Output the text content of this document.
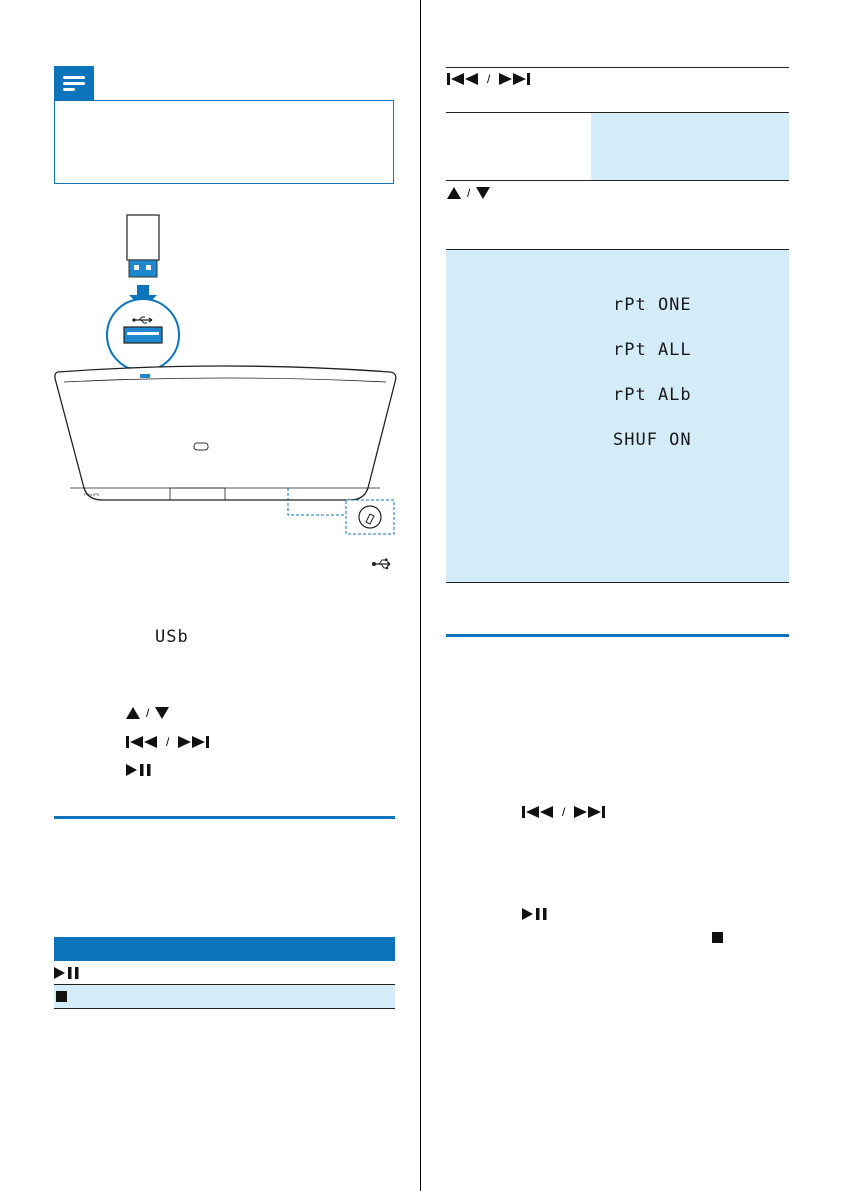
PHILIPS
USb
/
/
/
/
rPt ONE
rPt ALL
rPt ALb
SHUF ON
/
